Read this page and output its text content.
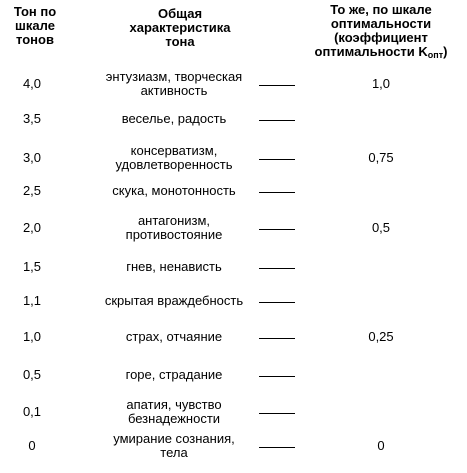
Тон по
шкале
тонов
Общая
характеристика
тона
То же, по шкале
оптимальности
(коэффициент
оптимальности $K_{опт}$)
4,0	энтузиазм, творческая
активность	1,0
3,5	веселье, радость
3,0	консерватизм,
удовлетворенность	0,75
2,5	скука, монотонность
2,0	антагонизм,
противостояние	0,5
1,5	гнев, ненависть
1,1	скрытая враждебность
1,0	страх, отчаяние	0,25
0,5	горе, страдание
0,1	апатия, чувство
безнадежности
0	умирание сознания,
тела	0
